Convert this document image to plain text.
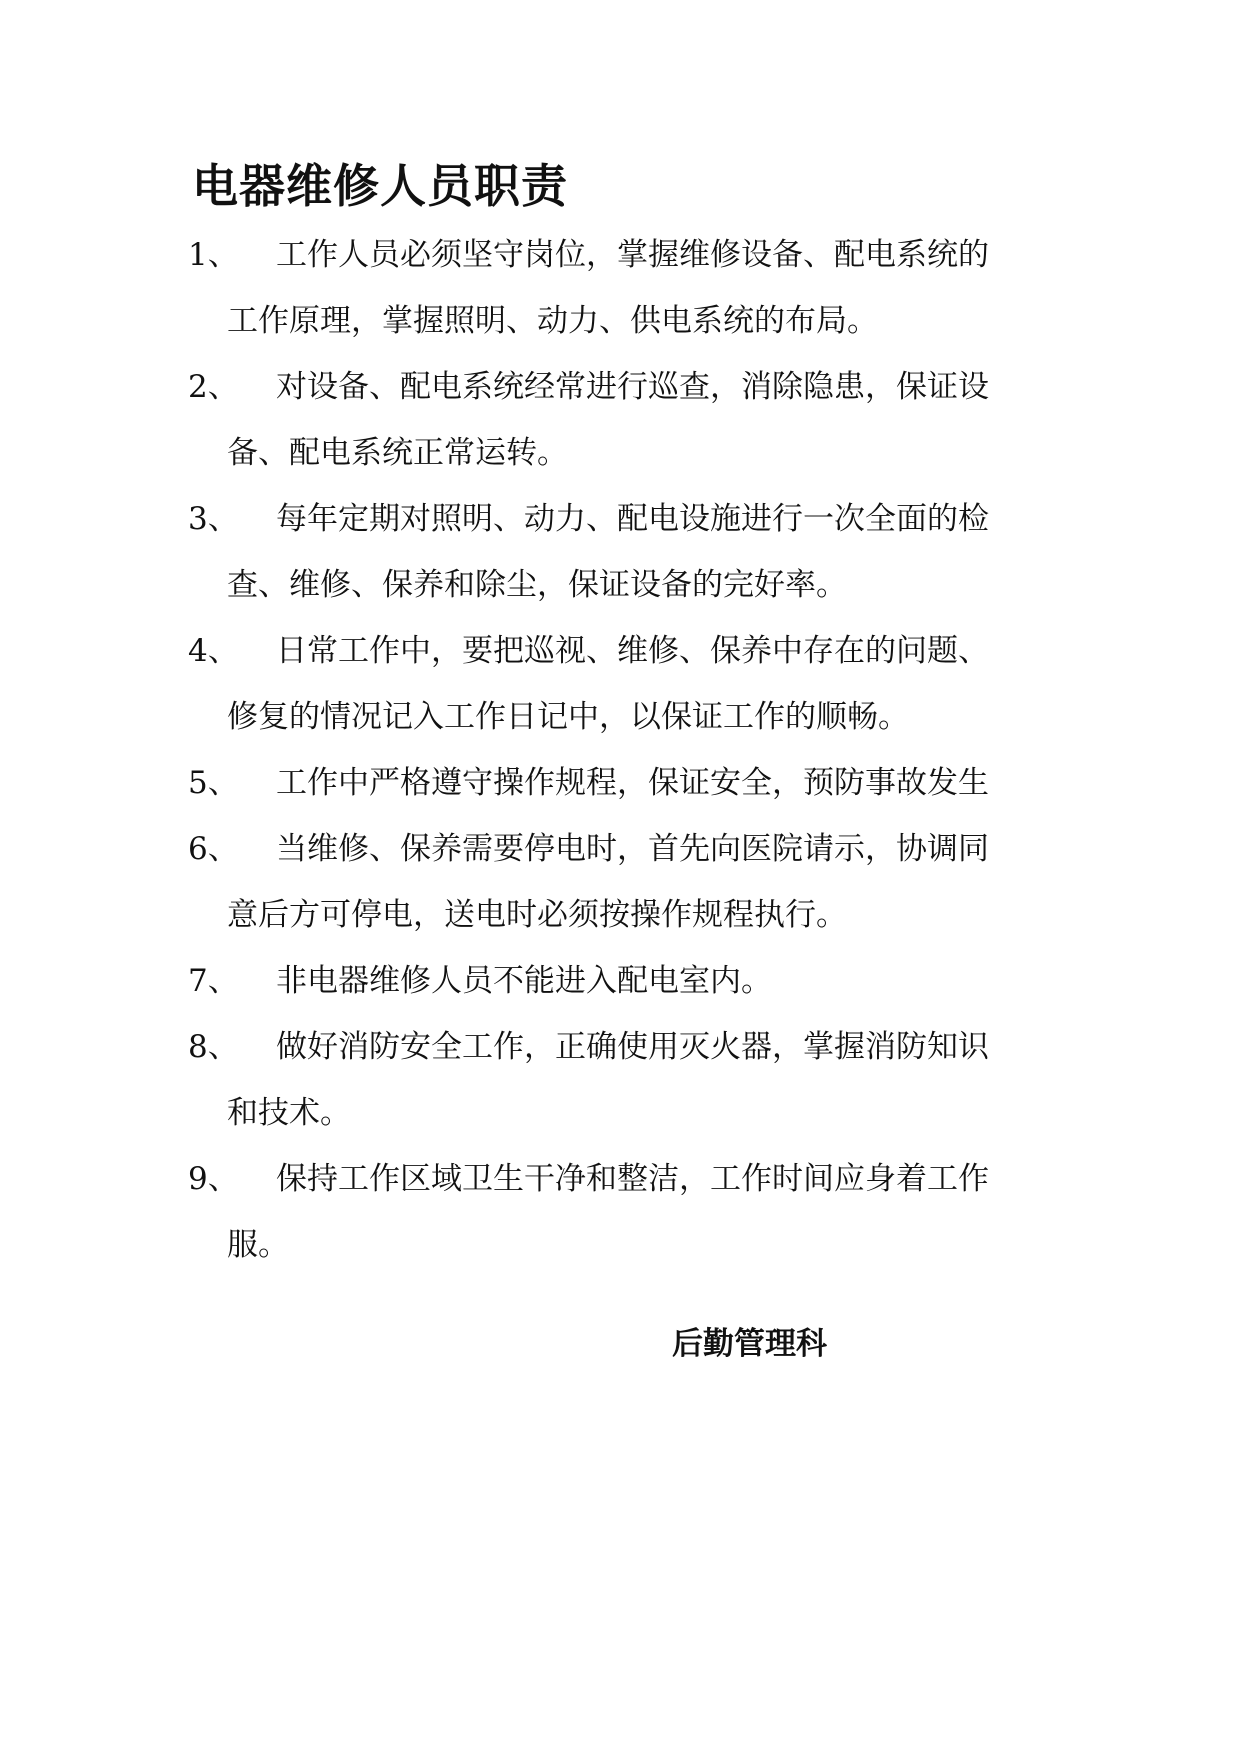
电器维修人员职责
1、	工作人员必须坚守岗位，掌握维修设备、配电系统的
工作原理，掌握照明、动力、供电系统的布局。
2、	对设备、配电系统经常进行巡查，消除隐患，保证设
备、配电系统正常运转。
3、	每年定期对照明、动力、配电设施进行一次全面的检
查、维修、保养和除尘，保证设备的完好率。
4、	日常工作中，要把巡视、维修、保养中存在的问题、
修复的情况记入工作日记中，以保证工作的顺畅。
5、	工作中严格遵守操作规程，保证安全，预防事故发生
6、	当维修、保养需要停电时，首先向医院请示，协调同
意后方可停电，送电时必须按操作规程执行。
7、	非电器维修人员不能进入配电室内。
8、	做好消防安全工作，正确使用灭火器，掌握消防知识
和技术。
9、	保持工作区域卫生干净和整洁，工作时间应身着工作
服。
后勤管理科
